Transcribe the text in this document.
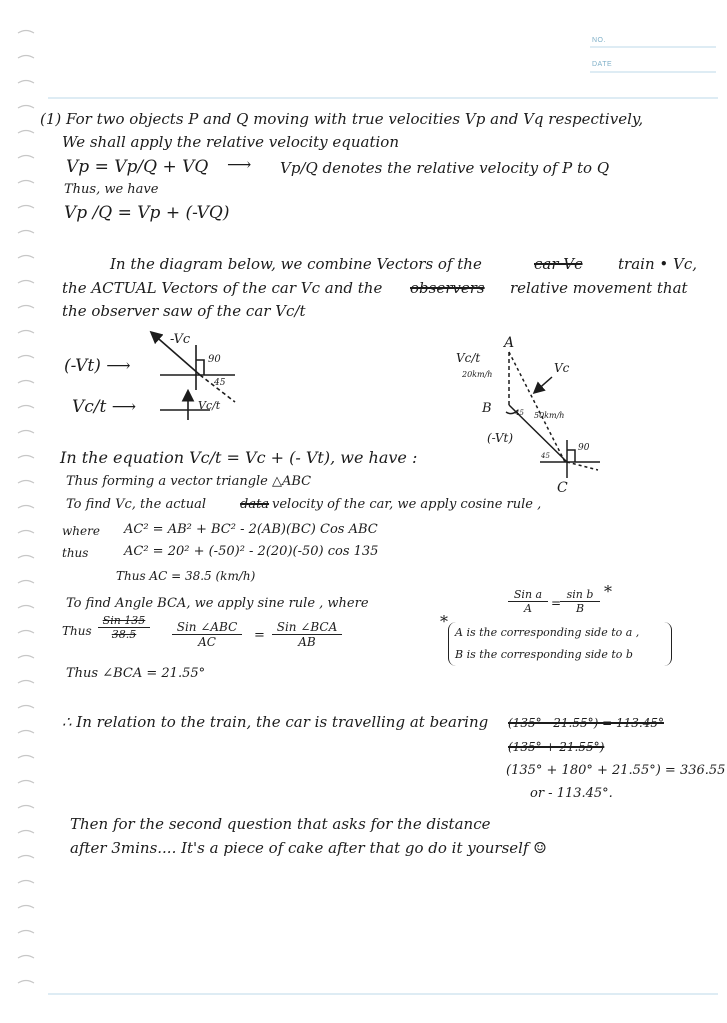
NO.
DATE
(1) For two objects P and Q moving with true velocities Vp and Vq respectively,
We shall apply the relative velocity equation
Vp = Vp/Q + VQ ⟶ Vp/Q denotes the relative velocity of P to Q
Thus, we have
Vp /Q = Vp + (-VQ)
In the diagram below, we combine Vectors of the	car Vc train • Vc,
the ACTUAL Vectors of the car Vc and the observers relative movement that
the observer saw of the car Vc/t
(-Vt) ⟶
Vc/t ⟶
-Vc
90
45
Vc/t
A
B
C
Vc/t
20km/h	Vc
50km/h
45
90
(-Vt)
45
In the equation Vc/t = Vc + (- Vt), we have :
Thus forming a vector triangle △ABC
To find Vc, the actual	data velocity of the car, we apply cosine rule ,
where AC² = AB² + BC² - 2(AB)(BC) Cos ABC
thus	AC² = 20² + (-50)² - 2(20)(-50) cos 135
Thus AC = 38.5 (km/h)
To find Angle BCA, we apply sine rule , where
Sin a
A	=
$\frac{\text{sin b}}{B}$ *
Thus
Sin 135
38.5
Sin ∠ABC
AC	=
Sin ∠BCA
AB
*
A is the corresponding side to a ,
B is the corresponding side to b
Thus ∠BCA = 21.55°
∴ In relation to the train, the car is travelling at bearing (135° - 21.55°) = 113.45°
(135° + 21.55°)
(135° + 180° + 21.55°) = 336.55
or - 113.45°.
Then for the second question that asks for the distance
after 3mins.... It's a piece of cake after that go do it yourself ☺
